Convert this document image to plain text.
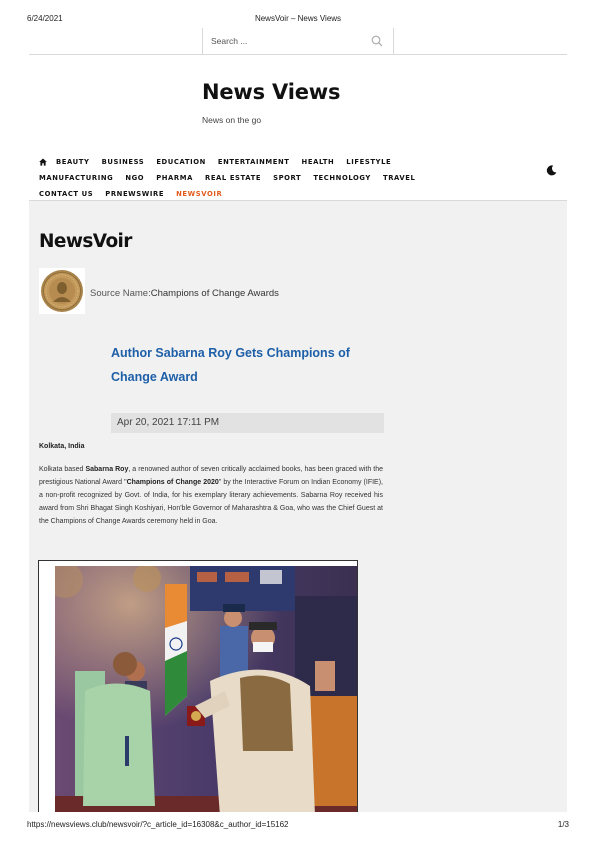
6/24/2021	NewsVoir – News Views
Search ...
News Views
News on the go
BEAUTY BUSINESS EDUCATION ENTERTAINMENT HEALTH LIFESTYLE
MANUFACTURING NGO PHARMA REAL ESTATE SPORT TECHNOLOGY TRAVEL
CONTACT US PRNEWSWIRE NEWSVOIR
NewsVoir
Source Name:Champions of Change Awards
Author Sabarna Roy Gets Champions of Change Award
Apr 20, 2021 17:11 PM
Kolkata, India
Kolkata based Sabarna Roy, a renowned author of seven critically acclaimed books, has been graced with the prestigious National Award "Champions of Change 2020" by the Interactive Forum on Indian Economy (IFIE), a non-profit recognized by Govt. of India, for his exemplary literary achievements. Sabarna Roy received his award from Shri Bhagat Singh Koshiyari, Hon'ble Governor of Maharashtra & Goa, who was the Chief Guest at the Champions of Change Awards ceremony held in Goa.
https://newsviews.club/newsvoir/?c_article_id=16308&c_author_id=15162	1/3
